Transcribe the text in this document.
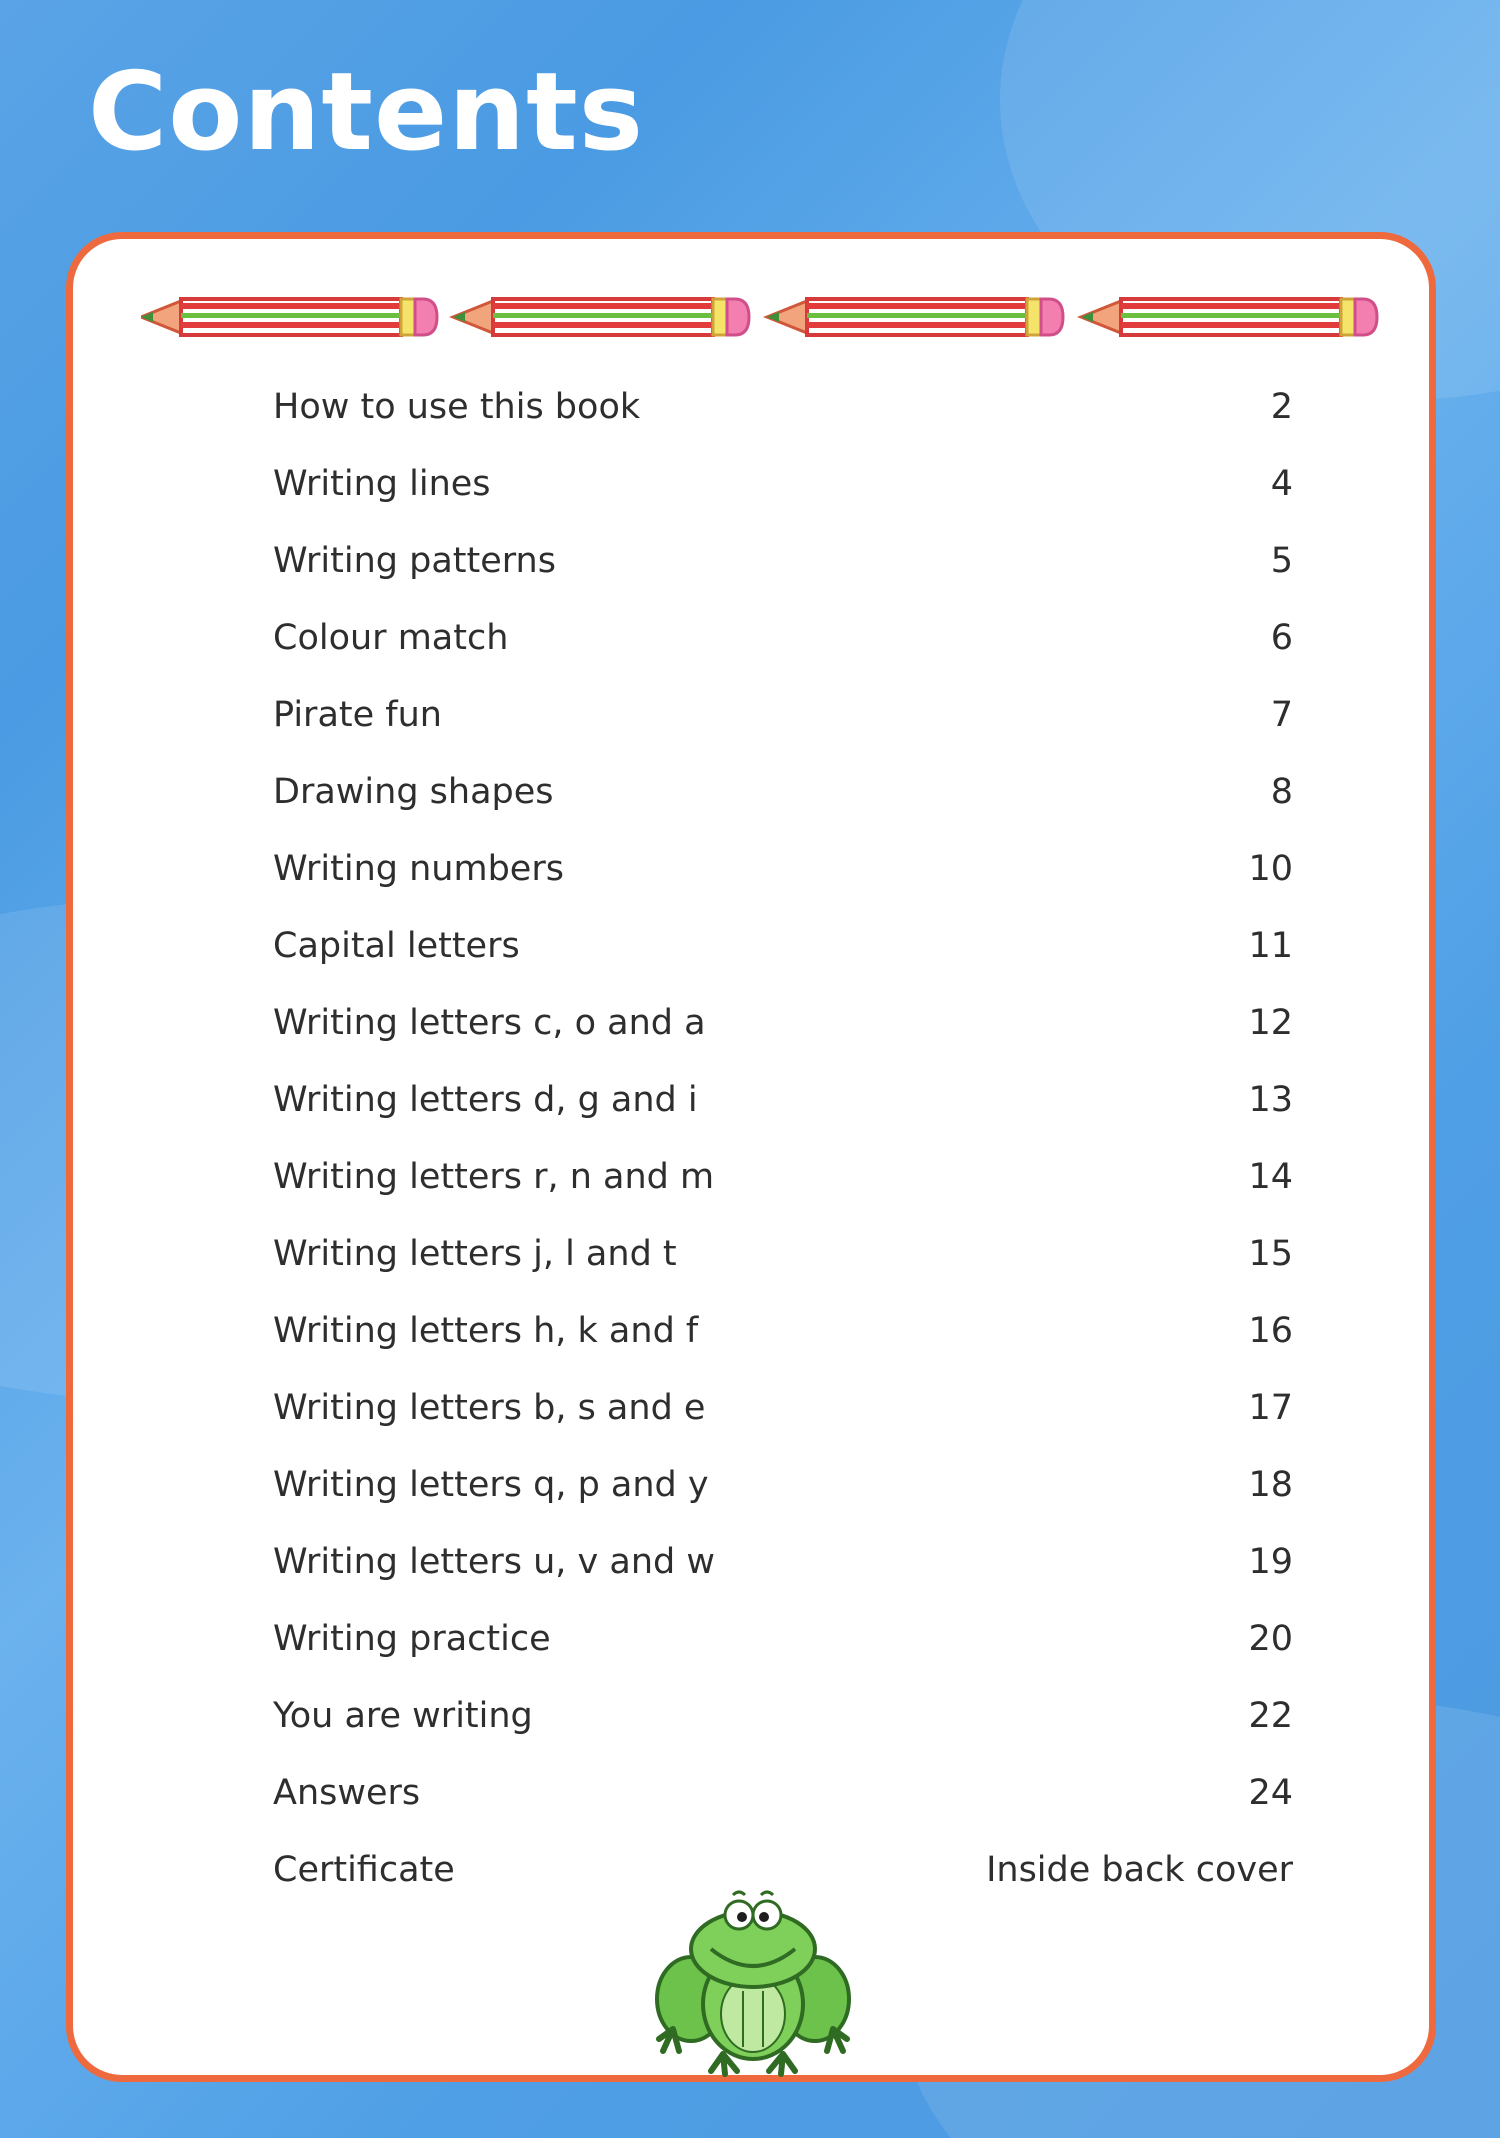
Contents
How to use this book	2
Writing lines	4
Writing patterns	5
Colour match	6
Pirate fun	7
Drawing shapes	8
Writing numbers	10
Capital letters	11
Writing letters c, o and a	12
Writing letters d, g and i	13
Writing letters r, n and m	14
Writing letters j, l and t	15
Writing letters h, k and f	16
Writing letters b, s and e	17
Writing letters q, p and y	18
Writing letters u, v and w	19
Writing practice	20
You are writing	22
Answers	24
Certificate	Inside back cover
